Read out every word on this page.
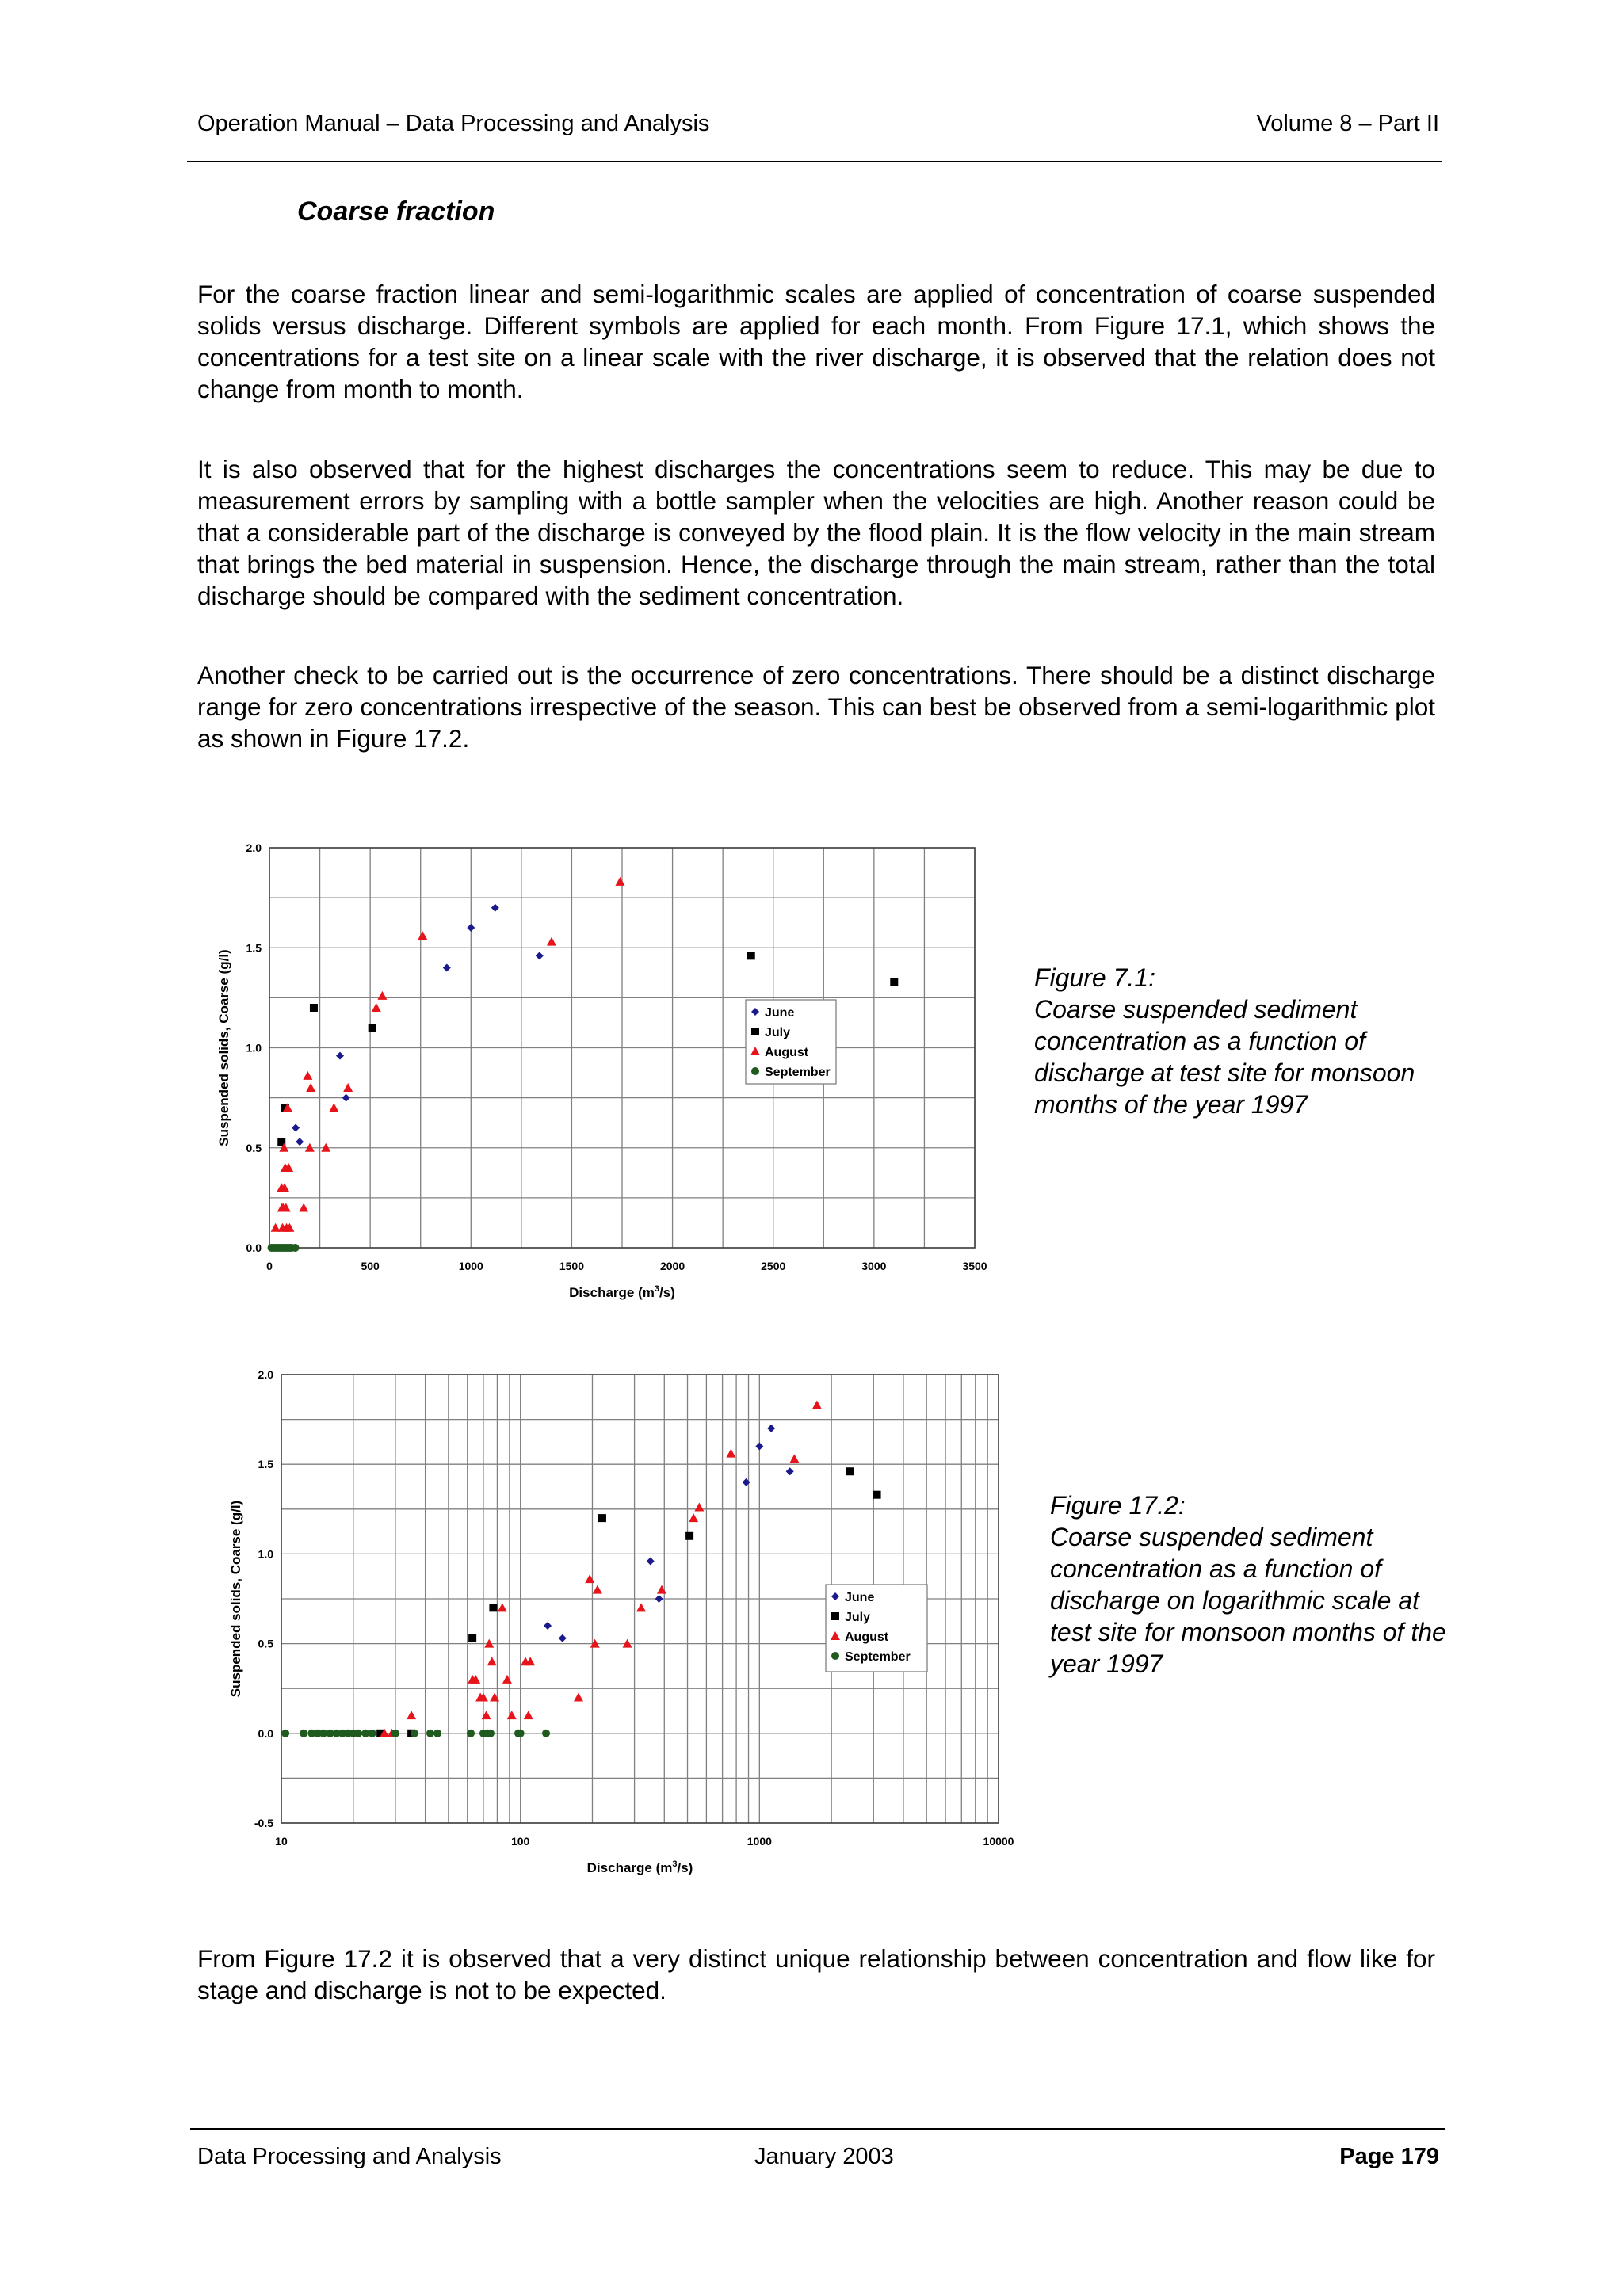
Operation Manual – Data Processing and Analysis	Volume 8 – Part II
Coarse fraction

For the coarse fraction linear and semi-logarithmic scales are applied of concentration of coarse suspended solids versus discharge. Different symbols are applied for each month. From Figure 17.1, which shows the concentrations for a test site on a linear scale with the river discharge, it is observed that the relation does not change from month to month.

It is also observed that for the highest discharges the concentrations seem to reduce. This may be due to measurement errors by sampling with a bottle sampler when the velocities are high. Another reason could be that a considerable part of the discharge is conveyed by the flood plain. It is the flow velocity in the main stream that brings the bed material in suspension. Hence, the discharge through the main stream, rather than the total discharge should be compared with the sediment concentration.

Another check to be carried out is the occurrence of zero concentrations. There should be a distinct discharge range for zero concentrations irrespective of the season. This can best be observed from a semi-logarithmic plot as shown in Figure 17.2.

0.0
0.5
1.0
1.5
2.0
0	500	1000	1500	2000	2500	3000	3500
Discharge $(m^3/s)$
Suspended solids, Coarse (g/l)	June
July
August
September
Figure 7.1:
Coarse suspended sediment concentration as a function of discharge at test site for monsoon months of the year 1997
-0.5
0.0
0.5
1.0
1.5
2.0
10	100	1000	10000
Discharge $(m^3/s)$
Suspended solids, Coarse (g/l)	June
July
August
September
Figure 17.2:
Coarse suspended sediment concentration as a function of discharge on logarithmic scale at test site for monsoon months of the year 1997

From Figure 17.2 it is observed that a very distinct unique relationship between concentration and flow like for stage and discharge is not to be expected.

Data Processing and Analysis	January 2003	Page 179
